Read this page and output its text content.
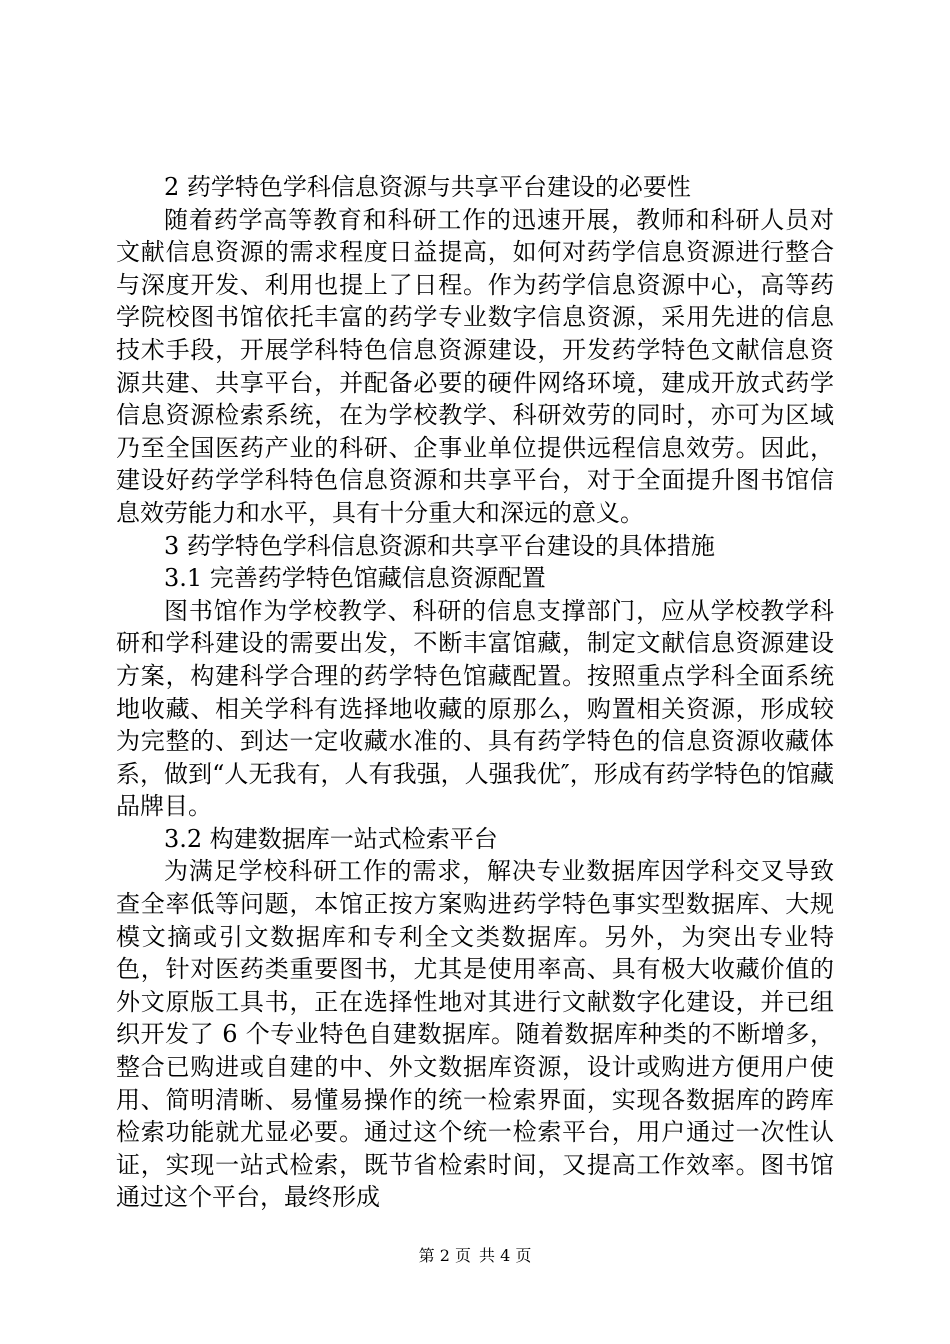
2 药学特色学科信息资源与共享平台建设的必要性

随着药学高等教育和科研工作的迅速开展，教师和科研人员对文献信息资源的需求程度日益提高，如何对药学信息资源进行整合与深度开发、利用也提上了日程。作为药学信息资源中心，高等药学院校图书馆依托丰富的药学专业数字信息资源，采用先进的信息技术手段，开展学科特色信息资源建设，开发药学特色文献信息资源共建、共享平台，并配备必要的硬件网络环境，建成开放式药学信息资源检索系统，在为学校教学、科研效劳的同时，亦可为区域乃至全国医药产业的科研、企事业单位提供远程信息效劳。因此，建设好药学学科特色信息资源和共享平台，对于全面提升图书馆信息效劳能力和水平，具有十分重大和深远的意义。

3 药学特色学科信息资源和共享平台建设的具体措施

3.1 完善药学特色馆藏信息资源配置

图书馆作为学校教学、科研的信息支撑部门，应从学校教学科研和学科建设的需要出发，不断丰富馆藏，制定文献信息资源建设方案，构建科学合理的药学特色馆藏配置。按照重点学科全面系统地收藏、相关学科有选择地收藏的原那么，购置相关资源，形成较为完整的、到达一定收藏水准的、具有药学特色的信息资源收藏体系，做到“人无我有，人有我强，人强我优″，形成有药学特色的馆藏品牌目。

3.2 构建数据库一站式检索平台

为满足学校科研工作的需求，解决专业数据库因学科交叉导致查全率低等问题，本馆正按方案购进药学特色事实型数据库、大规模文摘或引文数据库和专利全文类数据库。另外，为突出专业特色，针对医药类重要图书，尤其是使用率高、具有极大收藏价值的外文原版工具书，正在选择性地对其进行文献数字化建设，并已组织开发了 6 个专业特色自建数据库。随着数据库种类的不断增多，整合已购进或自建的中、外文数据库资源，设计或购进方便用户使用、简明清晰、易懂易操作的统一检索界面，实现各数据库的跨库检索功能就尤显必要。通过这个统一检索平台，用户通过一次性认证，实现一站式检索，既节省检索时间，又提高工作效率。图书馆通过这个平台，最终形成

第 2 页 共 4 页
